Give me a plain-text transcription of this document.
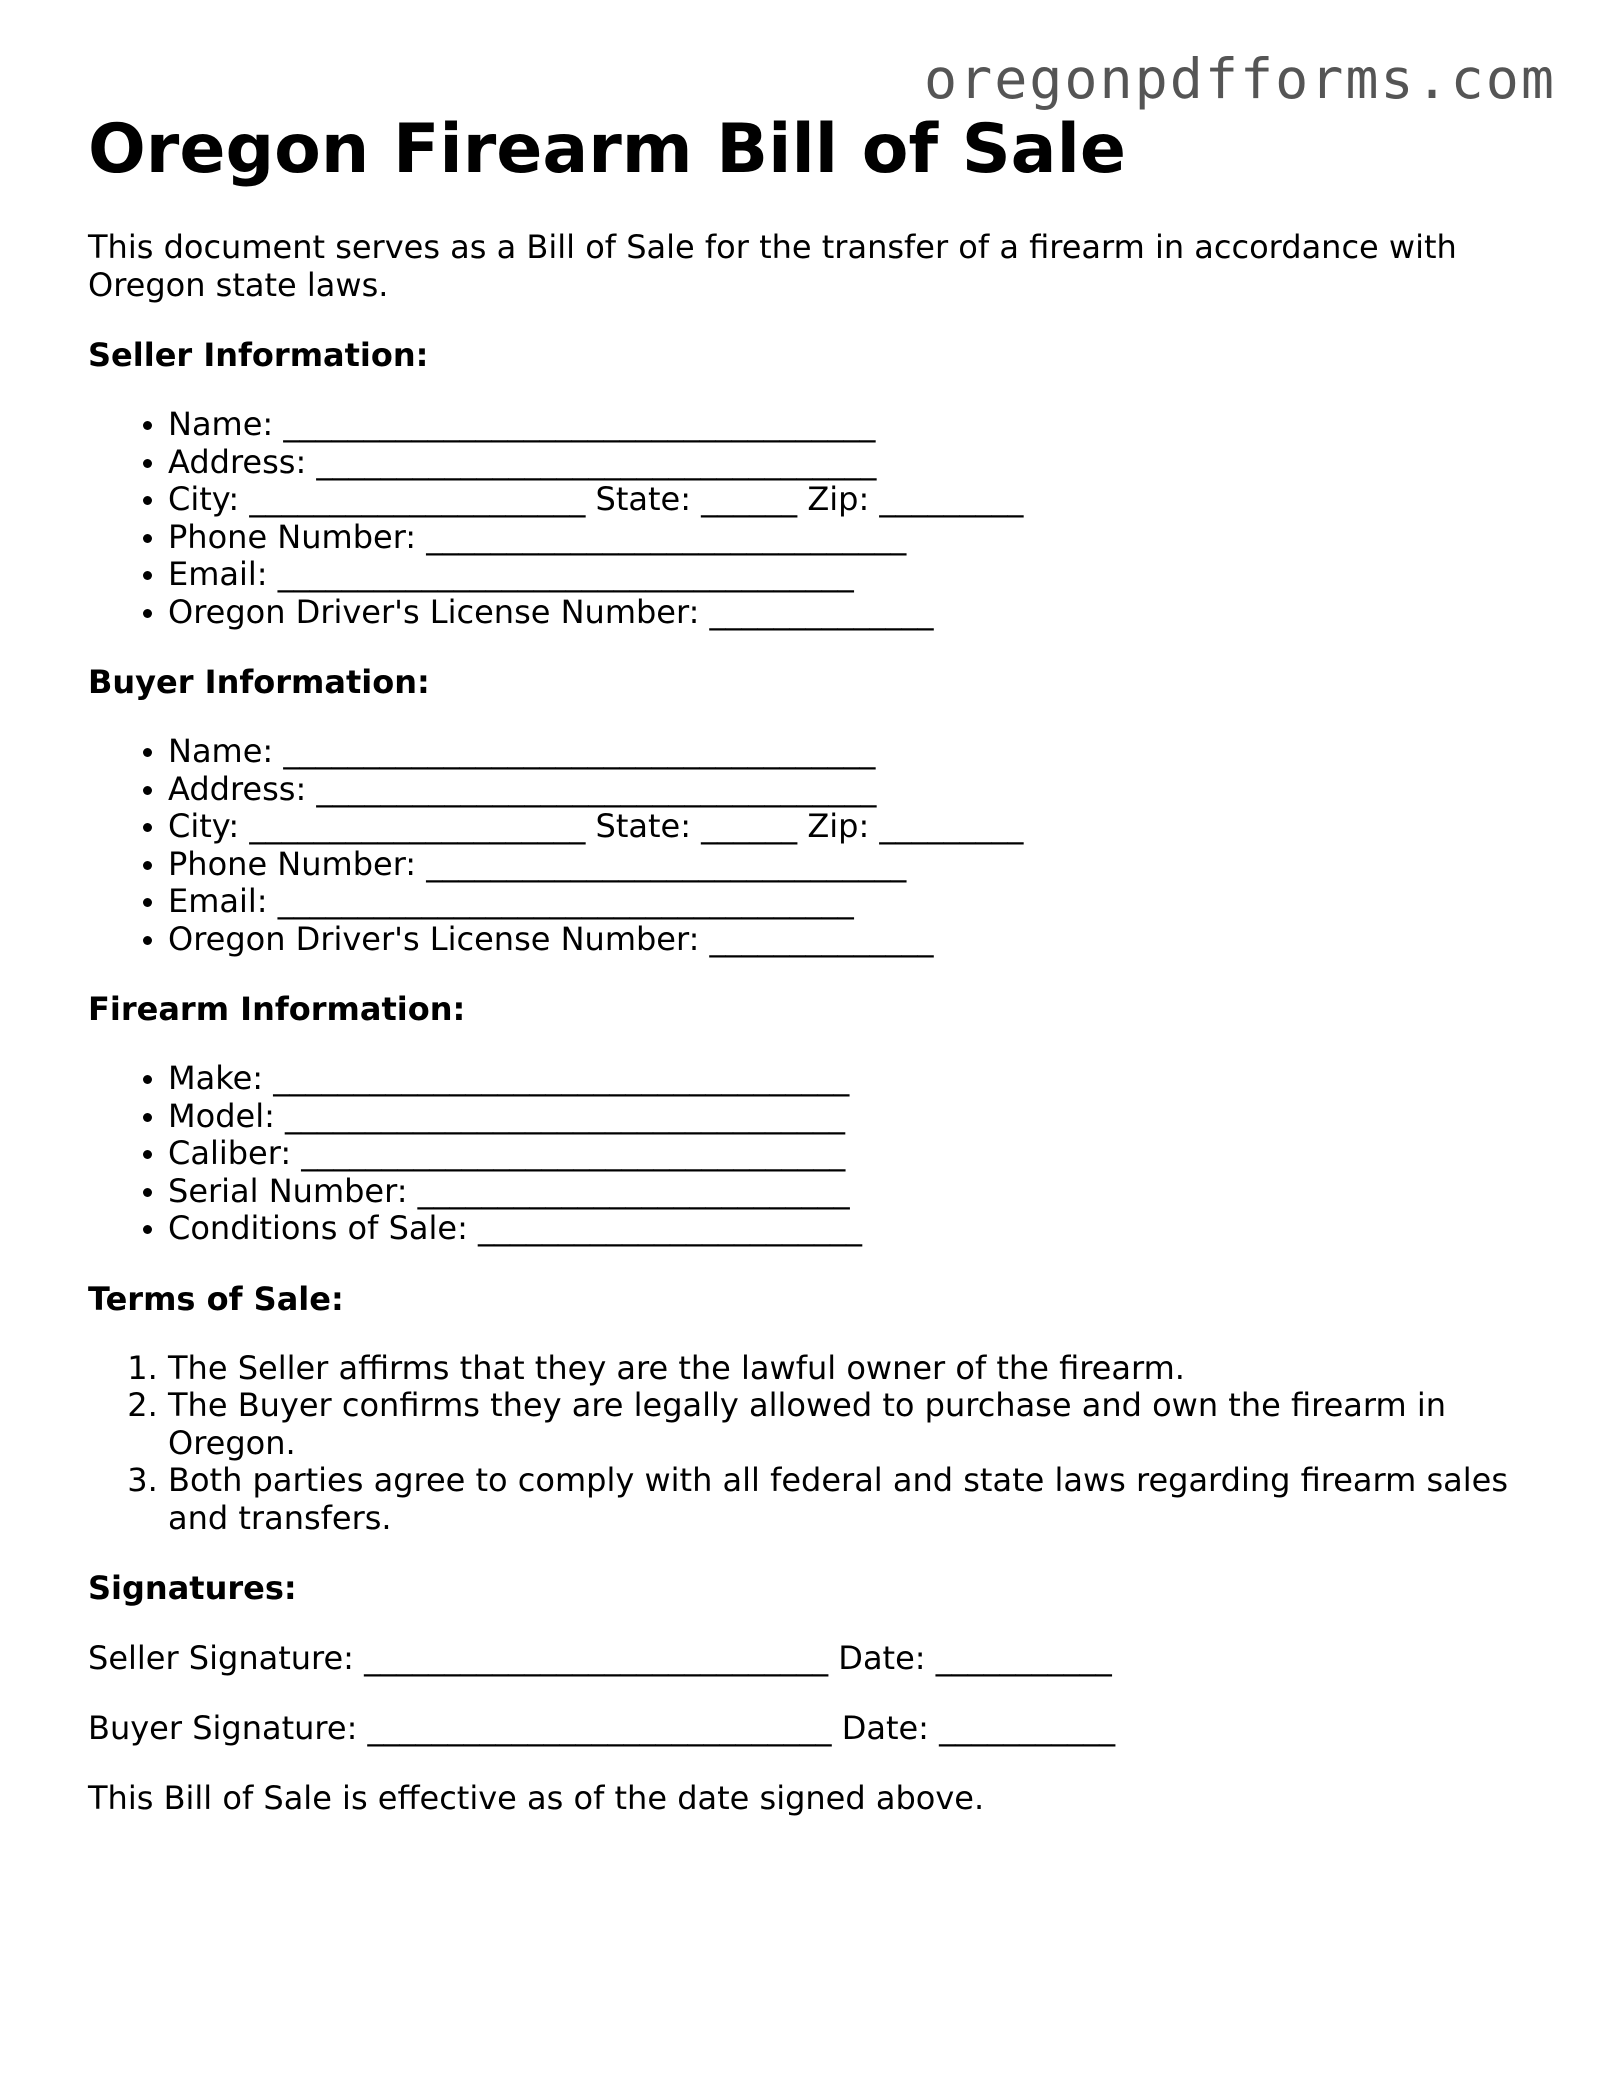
oregonpdfforms.com
Oregon Firearm Bill of Sale

This document serves as a Bill of Sale for the transfer of a firearm in accordance with Oregon state laws.

Seller Information:
• Name: _____________________________________
• Address: ___________________________________
• City: _____________________ State: ______ Zip: _________
• Phone Number: ______________________________
• Email: ____________________________________
• Oregon Driver's License Number: ______________
Buyer Information:
• Name: _____________________________________
• Address: ___________________________________
• City: _____________________ State: ______ Zip: _________
• Phone Number: ______________________________
• Email: ____________________________________
• Oregon Driver's License Number: ______________
Firearm Information:
• Make: ____________________________________
• Model: ___________________________________
• Caliber: __________________________________
• Serial Number: ___________________________
• Conditions of Sale: ________________________
Terms of Sale:
1. The Seller affirms that they are the lawful owner of the firearm.
2. The Buyer confirms they are legally allowed to purchase and own the firearm in Oregon.
3. Both parties agree to comply with all federal and state laws regarding firearm sales and transfers.
Signatures:

Seller Signature: _____________________________ Date: ___________

Buyer Signature: _____________________________ Date: ___________

This Bill of Sale is effective as of the date signed above.
